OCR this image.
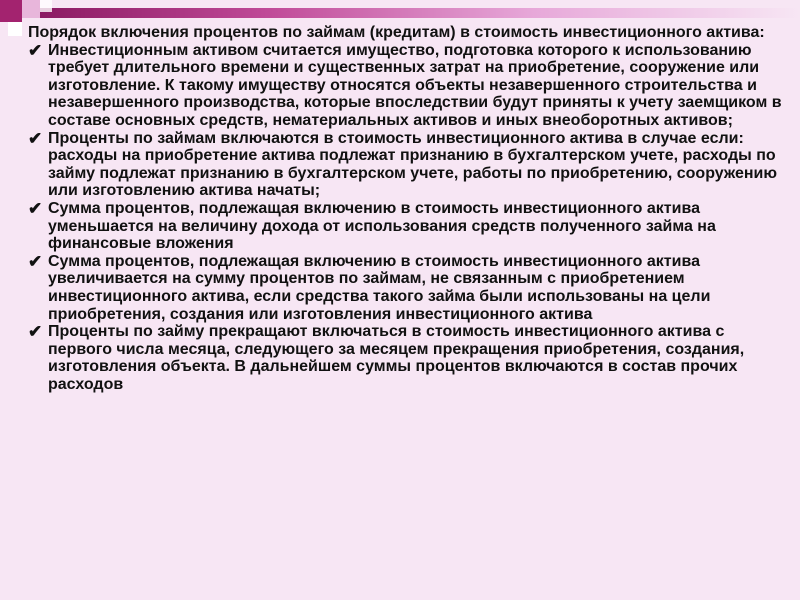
Порядок включения процентов по займам (кредитам) в стоимость инвестиционного актива:
✔ Инвестиционным активом считается имущество, подготовка которого к использованию требует длительного времени и существенных затрат на приобретение, сооружение или изготовление. К такому имуществу относятся объекты незавершенного строительства и незавершенного производства, которые впоследствии будут приняты к учету заемщиком в составе основных средств, нематериальных активов и иных внеоборотных активов;
✔ Проценты по займам включаются в стоимость инвестиционного актива в случае если: расходы на приобретение актива подлежат признанию в бухгалтерском учете, расходы по займу подлежат признанию в бухгалтерском учете, работы по приобретению, сооружению или изготовлению актива начаты;
✔ Сумма процентов, подлежащая включению в стоимость инвестиционного актива уменьшается на величину дохода от использования средств полученного займа на финансовые вложения
✔ Сумма процентов, подлежащая включению в стоимость инвестиционного актива увеличивается на сумму процентов по займам, не связанным с приобретением инвестиционного актива, если средства такого займа были использованы на цели приобретения, создания или изготовления инвестиционного актива
✔ Проценты по займу прекращают включаться в стоимость инвестиционного актива с первого числа месяца, следующего за месяцем прекращения приобретения, создания, изготовления объекта. В дальнейшем суммы процентов включаются в состав прочих расходов
